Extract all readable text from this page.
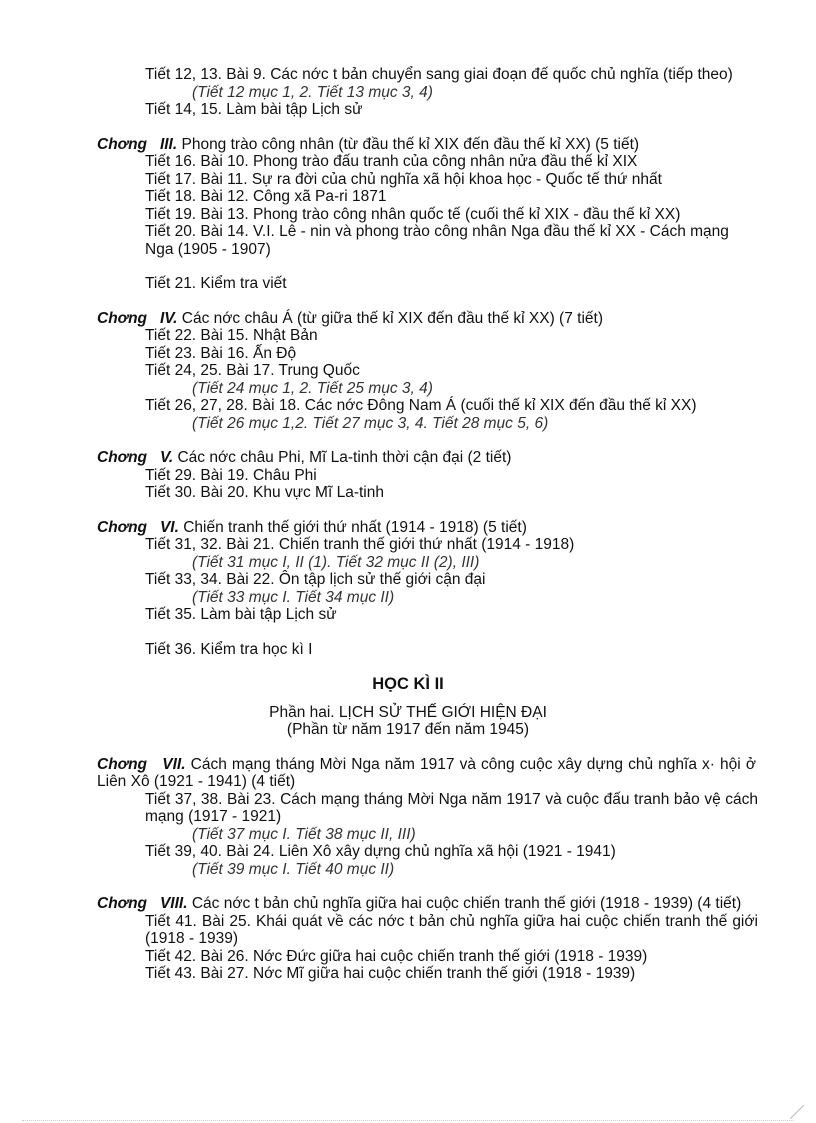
Tiết 12, 13. Bài 9. Các nớc t bản chuyển sang giai đoạn đế quốc chủ nghĩa (tiếp theo)
(Tiết 12 mục 1, 2. Tiết 13 mục 3, 4)
Tiết 14, 15. Làm bài tập Lịch sử
Chơng III. Phong trào công nhân (từ đầu thế kỉ XIX đến đầu thế kỉ XX) (5 tiết)
Tiết 16. Bài 10. Phong trào đấu tranh của công nhân nửa đầu thế kỉ XIX
Tiết 17. Bài 11. Sự ra đời của chủ nghĩa xã hội khoa học - Quốc tế thứ nhất
Tiết 18. Bài 12. Công xã Pa-ri 1871
Tiết 19. Bài 13. Phong trào công nhân quốc tế (cuối thế kỉ XIX - đầu thế kỉ XX)
Tiết 20. Bài 14. V.I. Lê - nin và phong trào công nhân Nga đầu thế kỉ XX - Cách mạng Nga (1905 - 1907)
Tiết 21. Kiểm tra viết
Chơng IV. Các nớc châu Á (từ giữa thế kỉ XIX đến đầu thế kỉ XX) (7 tiết)
Tiết 22. Bài 15. Nhật Bản
Tiết 23. Bài 16. Ấn Độ
Tiết 24, 25. Bài 17. Trung Quốc
(Tiết 24 mục 1, 2. Tiết 25 mục 3, 4)
Tiết 26, 27, 28. Bài 18. Các nớc Đông Nam Á (cuối thế kỉ XIX đến đầu thế kỉ XX)
(Tiết 26 mục 1,2. Tiết 27 mục 3, 4. Tiết 28 mục 5, 6)
Chơng V. Các nớc châu Phi, Mĩ La-tinh thời cận đại (2 tiết)
Tiết 29. Bài 19. Châu Phi
Tiết 30. Bài 20. Khu vực Mĩ La-tinh
Chơng VI. Chiến tranh thế giới thứ nhất (1914 - 1918) (5 tiết)
Tiết 31, 32. Bài 21. Chiến tranh thế giới thứ nhất (1914 - 1918)
(Tiết 31 mục I, II (1). Tiết 32 mục II (2), III)
Tiết 33, 34. Bài 22. Ôn tập lịch sử thế giới cận đại
(Tiết 33 mục I. Tiết 34 mục II)
Tiết 35. Làm bài tập Lịch sử
Tiết 36. Kiểm tra học kì I
HỌC KÌ II
Phần hai. LỊCH SỬ THẾ GIỚI HIỆN ĐẠI
(Phần từ năm 1917 đến năm 1945)
Chơng VII. Cách mạng tháng Mời Nga năm 1917 và công cuộc xây dựng chủ nghĩa x· hội ở Liên Xô (1921 - 1941) (4 tiết)
Tiết 37, 38. Bài 23. Cách mạng tháng Mời Nga năm 1917 và cuộc đấu tranh bảo vệ cách mạng (1917 - 1921)
(Tiết 37 mục I. Tiết 38 mục II, III)
Tiết 39, 40. Bài 24. Liên Xô xây dựng chủ nghĩa xã hội (1921 - 1941)
(Tiết 39 mục I. Tiết 40 mục II)
Chơng VIII. Các nớc t bản chủ nghĩa giữa hai cuộc chiến tranh thế giới (1918 - 1939) (4 tiết)
Tiết 41. Bài 25. Khái quát về các nớc t bản chủ nghĩa giữa hai cuộc chiến tranh thế giới (1918 - 1939)
Tiết 42. Bài 26. Nớc Đức giữa hai cuộc chiến tranh thế giới (1918 - 1939)
Tiết 43. Bài 27. Nớc Mĩ giữa hai cuộc chiến tranh thế giới (1918 - 1939)
